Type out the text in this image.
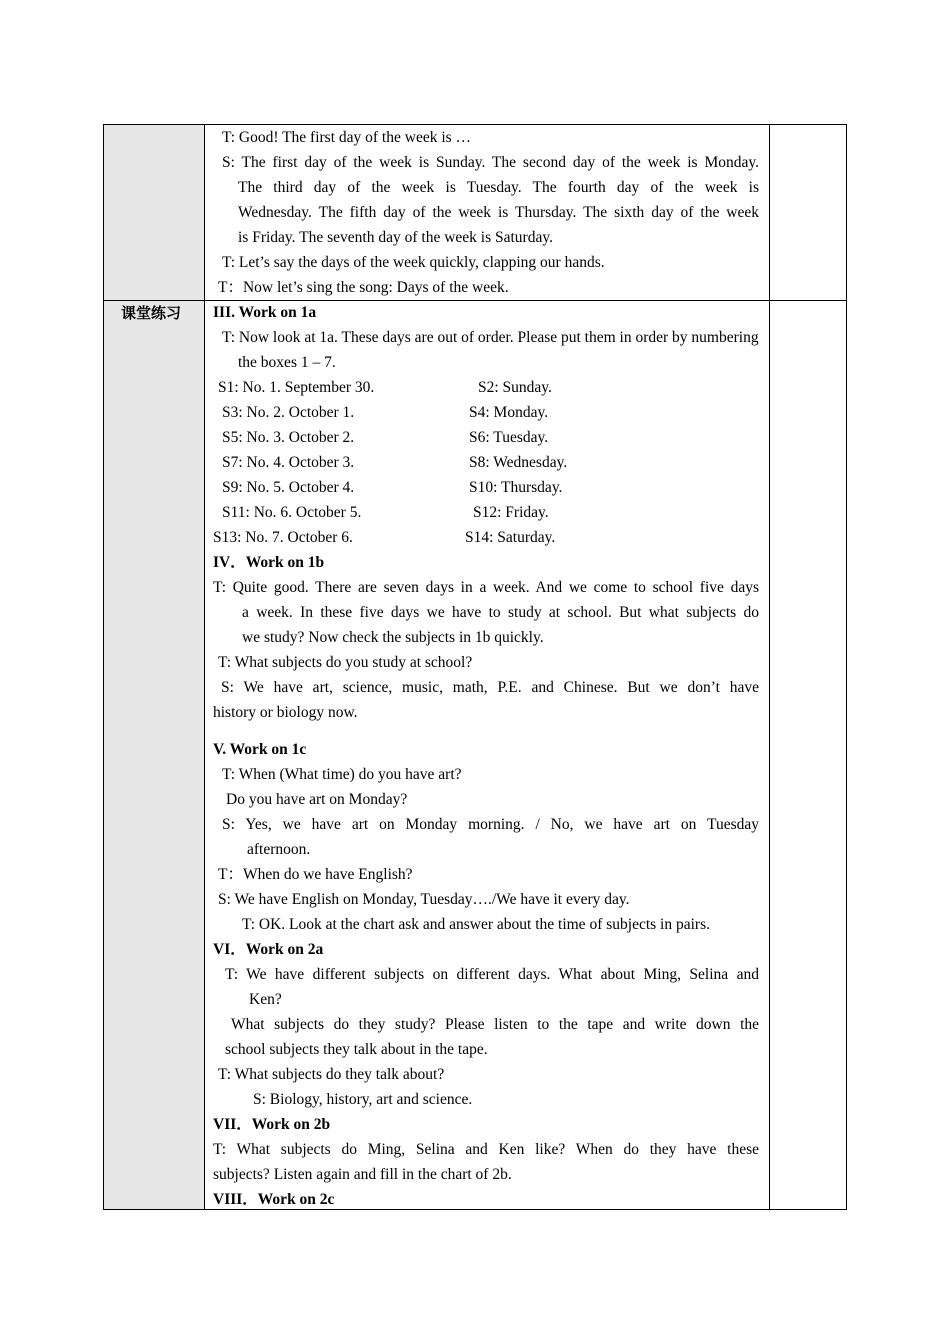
课堂练习
T: Good! The first day of the week is …
S: The first day of the week is Sunday. The second day of the week is Monday.
The third day of the week is Tuesday. The fourth day of the week is
Wednesday. The fifth day of the week is Thursday. The sixth day of the week
is Friday. The seventh day of the week is Saturday.
T: Let’s say the days of the week quickly, clapping our hands.
T：Now let’s sing the song: Days of the week.
III. Work on 1a
T: Now look at 1a. These days are out of order. Please put them in order by numbering
the boxes 1 – 7.
S1: No. 1. September 30.	S2: Sunday.
S3: No. 2. October 1.	S4: Monday.
S5: No. 3. October 2.	S6: Tuesday.
S7: No. 4. October 3.	S8: Wednesday.
S9: No. 5. October 4.	S10: Thursday.
S11: No. 6. October 5.	S12: Friday.
S13: No. 7. October 6.	S14: Saturday.
IV．Work on 1b
T: Quite good. There are seven days in a week. And we come to school five days
a week. In these five days we have to study at school. But what subjects do
we study? Now check the subjects in 1b quickly.
T: What subjects do you study at school?
S: We have art, science, music, math, P.E. and Chinese. But we don’t have
history or biology now.
V. Work on 1c
T: When (What time) do you have art?
Do you have art on Monday?
S: Yes, we have art on Monday morning. / No, we have art on Tuesday
afternoon.
T：When do we have English?
S: We have English on Monday, Tuesday…./We have it every day.
T: OK. Look at the chart ask and answer about the time of subjects in pairs.
VI．Work on 2a
T: We have different subjects on different days. What about Ming, Selina and
Ken?
What subjects do they study? Please listen to the tape and write down the
school subjects they talk about in the tape.
T: What subjects do they talk about?
S: Biology, history, art and science.
VII．Work on 2b
T: What subjects do Ming, Selina and Ken like? When do they have these
subjects? Listen again and fill in the chart of 2b.
VIII．Work on 2c
